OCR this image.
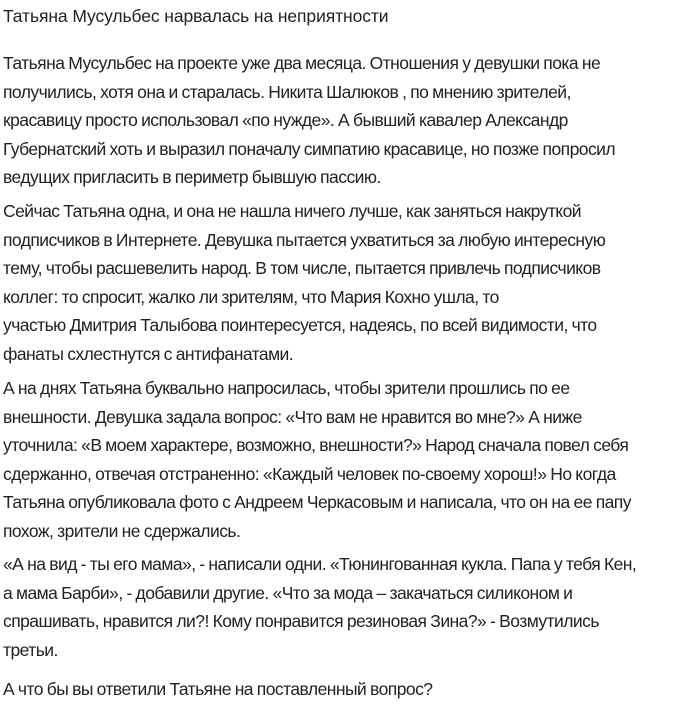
Татьяна Мусульбес нарвалась на неприятности

Татьяна Мусульбес на проекте уже два месяца. Отношения у девушки пока не
получились, хотя она и старалась. Никита Шалюков , по мнению зрителей,
красавицу просто использовал «по нужде». А бывший кавалер Александр
Губернатский хоть и выразил поначалу симпатию красавице, но позже попросил
ведущих пригласить в периметр бывшую пассию.

Сейчас Татьяна одна, и она не нашла ничего лучше, как заняться накруткой
подписчиков в Интернете. Девушка пытается ухватиться за любую интересную
тему, чтобы расшевелить народ. В том числе, пытается привлечь подписчиков
коллег: то спросит, жалко ли зрителям, что Мария Кохно ушла, то
участью Дмитрия Талыбова поинтересуется, надеясь, по всей видимости, что
фанаты схлестнутся с антифанатами.

А на днях Татьяна буквально напросилась, чтобы зрители прошлись по ее
внешности. Девушка задала вопрос: «Что вам не нравится во мне?» А ниже
уточнила: «В моем характере, возможно, внешности?» Народ сначала повел себя
сдержанно, отвечая отстраненно: «Каждый человек по-своему хорош!» Но когда
Татьяна опубликовала фото с Андреем Черкасовым и написала, что он на ее папу
похож, зрители не сдержались.

«А на вид - ты его мама», - написали одни. «Тюнингованная кукла. Папа у тебя Кен,
а мама Барби», - добавили другие. «Что за мода – закачаться силиконом и
спрашивать, нравится ли?! Кому понравится резиновая Зина?» - Возмутились
третьи.

А что бы вы ответили Татьяне на поставленный вопрос?
